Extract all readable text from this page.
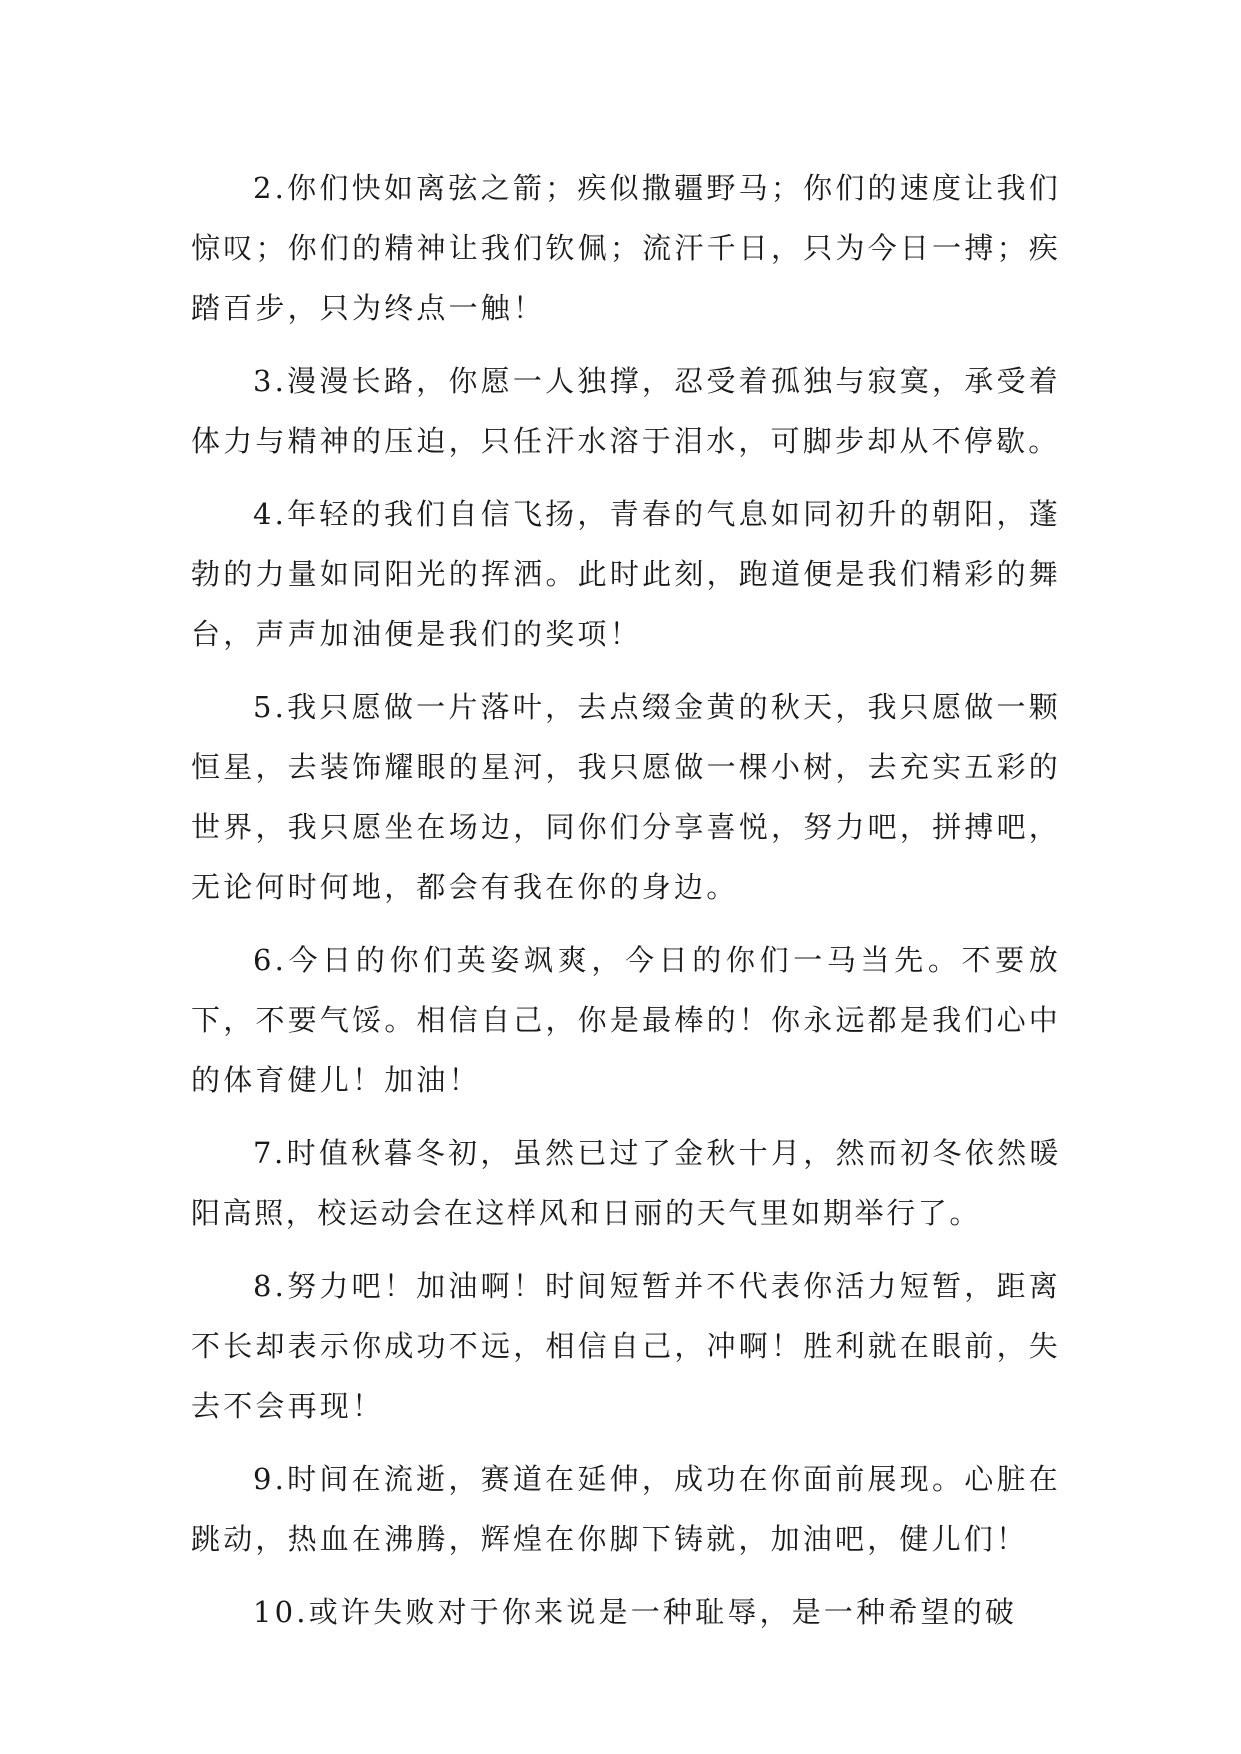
2.你们快如离弦之箭；疾似撒疆野马；你们的速度让我们惊叹；你们的精神让我们钦佩；流汗千日，只为今日一搏；疾踏百步，只为终点一触！

3.漫漫长路，你愿一人独撑，忍受着孤独与寂寞，承受着体力与精神的压迫，只任汗水溶于泪水，可脚步却从不停歇。

4.年轻的我们自信飞扬，青春的气息如同初升的朝阳，蓬勃的力量如同阳光的挥洒。此时此刻，跑道便是我们精彩的舞台，声声加油便是我们的奖项！

5.我只愿做一片落叶，去点缀金黄的秋天，我只愿做一颗恒星，去装饰耀眼的星河，我只愿做一棵小树，去充实五彩的世界，我只愿坐在场边，同你们分享喜悦，努力吧，拼搏吧，无论何时何地，都会有我在你的身边。

6.今日的你们英姿飒爽，今日的你们一马当先。不要放下，不要气馁。相信自己，你是最棒的！你永远都是我们心中的体育健儿！加油！

7.时值秋暮冬初，虽然已过了金秋十月，然而初冬依然暖阳高照，校运动会在这样风和日丽的天气里如期举行了。

8.努力吧！加油啊！时间短暂并不代表你活力短暂，距离不长却表示你成功不远，相信自己，冲啊！胜利就在眼前，失去不会再现！

9.时间在流逝，赛道在延伸，成功在你面前展现。心脏在跳动，热血在沸腾，辉煌在你脚下铸就，加油吧，健儿们！

10.或许失败对于你来说是一种耻辱，是一种希望的破
